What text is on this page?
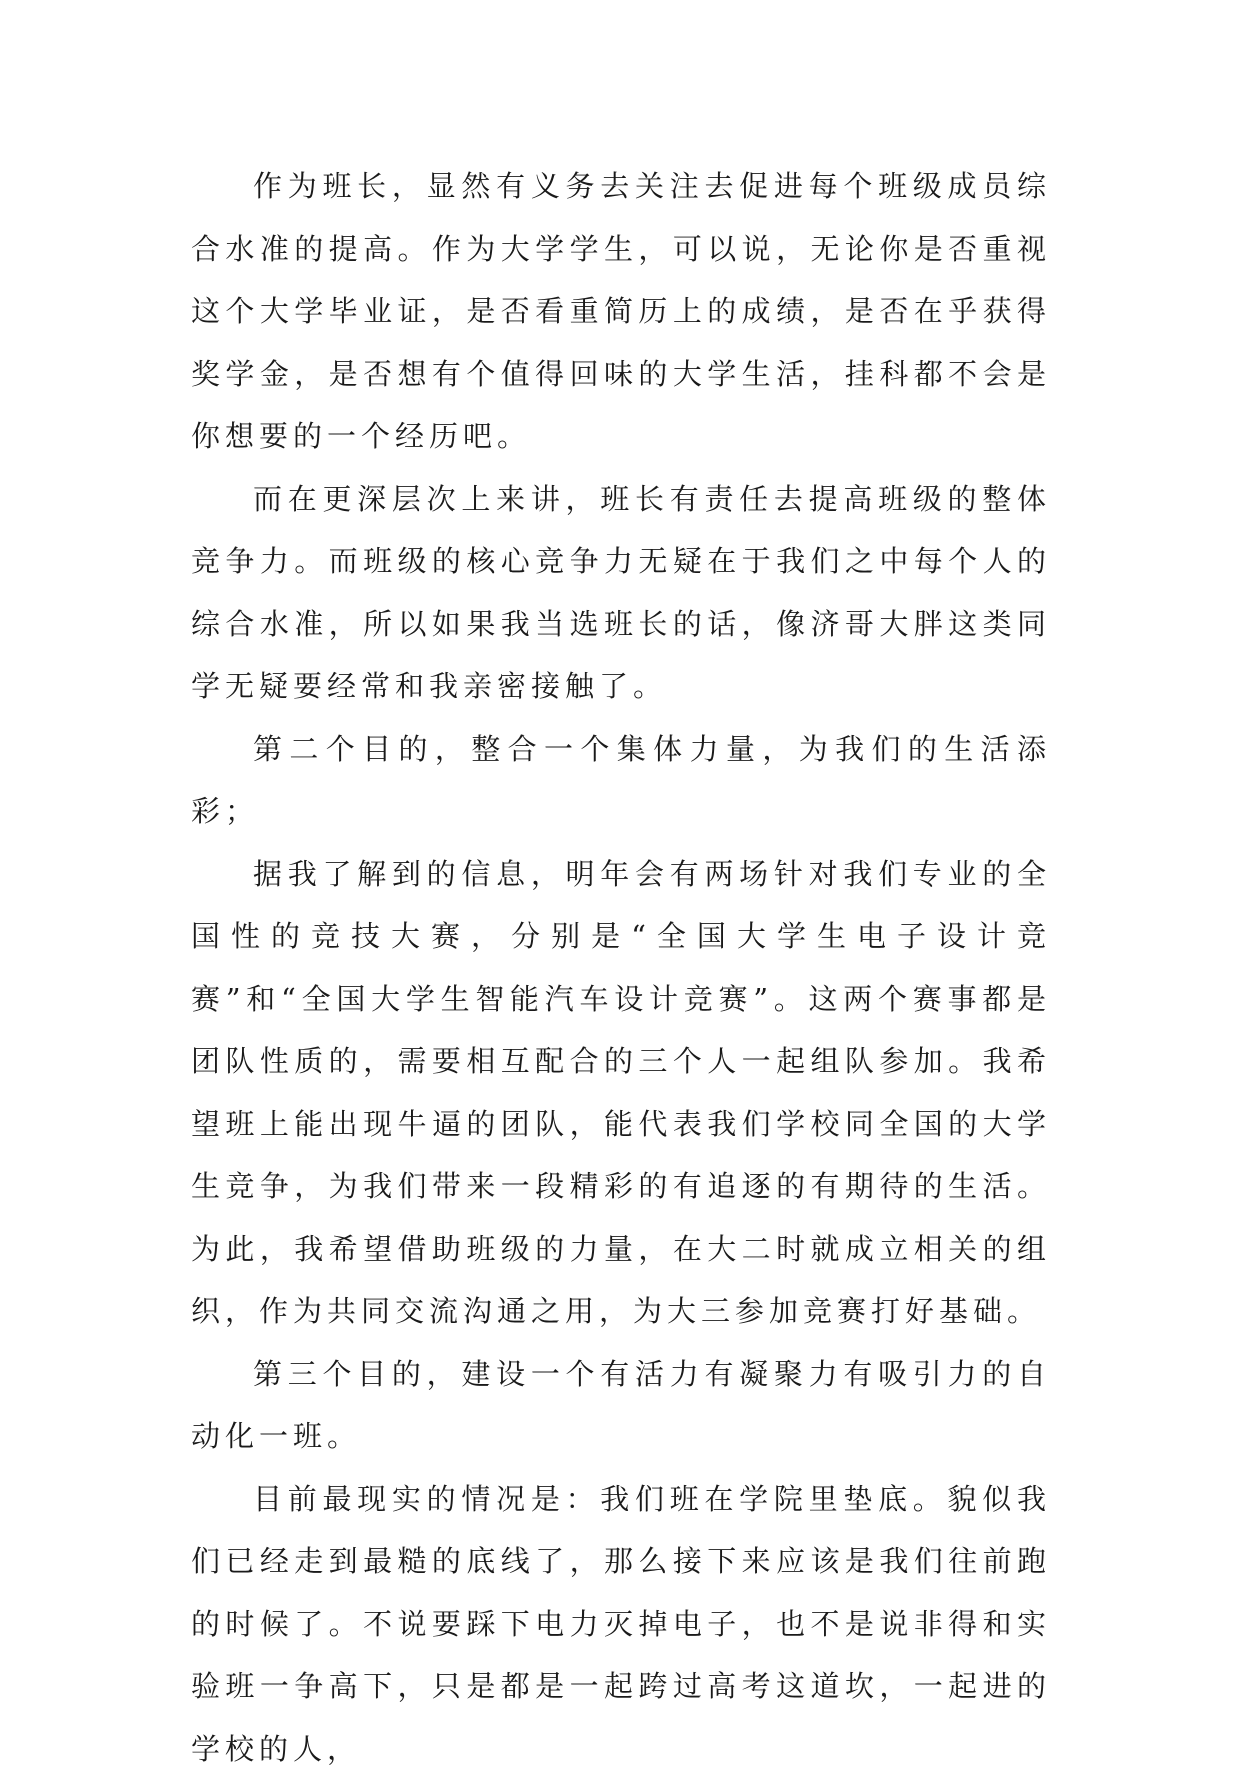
作为班长，显然有义务去关注去促进每个班级成员综合水准的提高。作为大学学生，可以说，无论你是否重视这个大学毕业证，是否看重简历上的成绩，是否在乎获得奖学金，是否想有个值得回味的大学生活，挂科都不会是你想要的一个经历吧。

而在更深层次上来讲，班长有责任去提高班级的整体竞争力。而班级的核心竞争力无疑在于我们之中每个人的综合水准，所以如果我当选班长的话，像济哥大胖这类同学无疑要经常和我亲密接触了。

第二个目的，整合一个集体力量，为我们的生活添彩；

据我了解到的信息，明年会有两场针对我们专业的全国性的竞技大赛，分别是“全国大学生电子设计竞赛”和“全国大学生智能汽车设计竞赛”。这两个赛事都是团队性质的，需要相互配合的三个人一起组队参加。我希望班上能出现牛逼的团队，能代表我们学校同全国的大学生竞争，为我们带来一段精彩的有追逐的有期待的生活。为此，我希望借助班级的力量，在大二时就成立相关的组织，作为共同交流沟通之用，为大三参加竞赛打好基础。

第三个目的，建设一个有活力有凝聚力有吸引力的自动化一班。

目前最现实的情况是：我们班在学院里垫底。貌似我们已经走到最糙的底线了，那么接下来应该是我们往前跑的时候了。不说要踩下电力灭掉电子，也不是说非得和实验班一争高下，只是都是一起跨过高考这道坎，一起进的学校的人，
